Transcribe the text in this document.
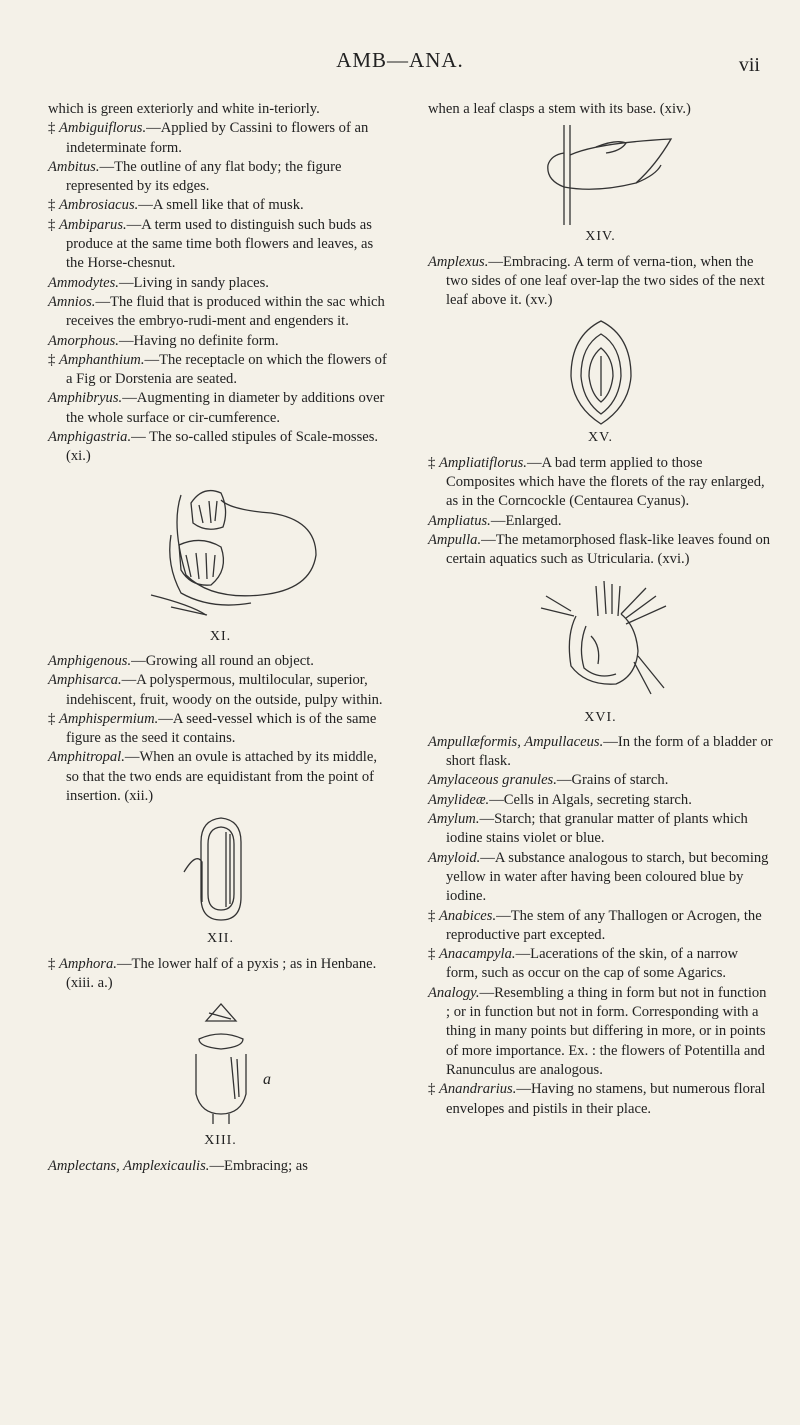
AMB—ANA.	vii

which is green exteriorly and white in-teriorly.

‡ Ambiguiflorus.—Applied by Cassini to flowers of an indeterminate form.

Ambitus.—The outline of any flat body; the figure represented by its edges.

‡ Ambrosiacus.—A smell like that of musk.

‡ Ambiparus.—A term used to distinguish such buds as produce at the same time both flowers and leaves, as the Horse-chesnut.

Ammodytes.—Living in sandy places.

Amnios.—The fluid that is produced within the sac which receives the embryo-rudi-ment and engenders it.

Amorphous.—Having no definite form.

‡ Amphanthium.—The receptacle on which the flowers of a Fig or Dorstenia are seated.

Amphibryus.—Augmenting in diameter by additions over the whole surface or cir-cumference.

Amphigastria.— The so-called stipules of Scale-mosses. (xi.)

XI.

Amphigenous.—Growing all round an object.

Amphisarca.—A polyspermous, multilocular, superior, indehiscent, fruit, woody on the outside, pulpy within.

‡ Amphispermium.—A seed-vessel which is of the same figure as the seed it contains.

Amphitropal.—When an ovule is attached by its middle, so that the two ends are equidistant from the point of insertion. (xii.)

XII.

‡ Amphora.—The lower half of a pyxis ; as in Henbane. (xiii. a.)

a
XIII.

Amplectans, Amplexicaulis.—Embracing; as

when a leaf clasps a stem with its base. (xiv.)

XIV.

Amplexus.—Embracing. A term of verna-tion, when the two sides of one leaf over-lap the two sides of the next leaf above it. (xv.)

XV.

‡ Ampliatiflorus.—A bad term applied to those Composites which have the florets of the ray enlarged, as in the Corncockle (Centaurea Cyanus).

Ampliatus.—Enlarged.

Ampulla.—The metamorphosed flask-like leaves found on certain aquatics such as Utricularia. (xvi.)

XVI.

Ampullæformis, Ampullaceus.—In the form of a bladder or short flask.

Amylaceous granules.—Grains of starch.

Amylideæ.—Cells in Algals, secreting starch.

Amylum.—Starch; that granular matter of plants which iodine stains violet or blue.

Amyloid.—A substance analogous to starch, but becoming yellow in water after having been coloured blue by iodine.

‡ Anabices.—The stem of any Thallogen or Acrogen, the reproductive part excepted.

‡ Anacampyla.—Lacerations of the skin, of a narrow form, such as occur on the cap of some Agarics.

Analogy.—Resembling a thing in form but not in function ; or in function but not in form. Corresponding with a thing in many points but differing in more, or in points of more importance. Ex. : the flowers of Potentilla and Ranunculus are analogous.

‡ Anandrarius.—Having no stamens, but numerous floral envelopes and pistils in their place.
